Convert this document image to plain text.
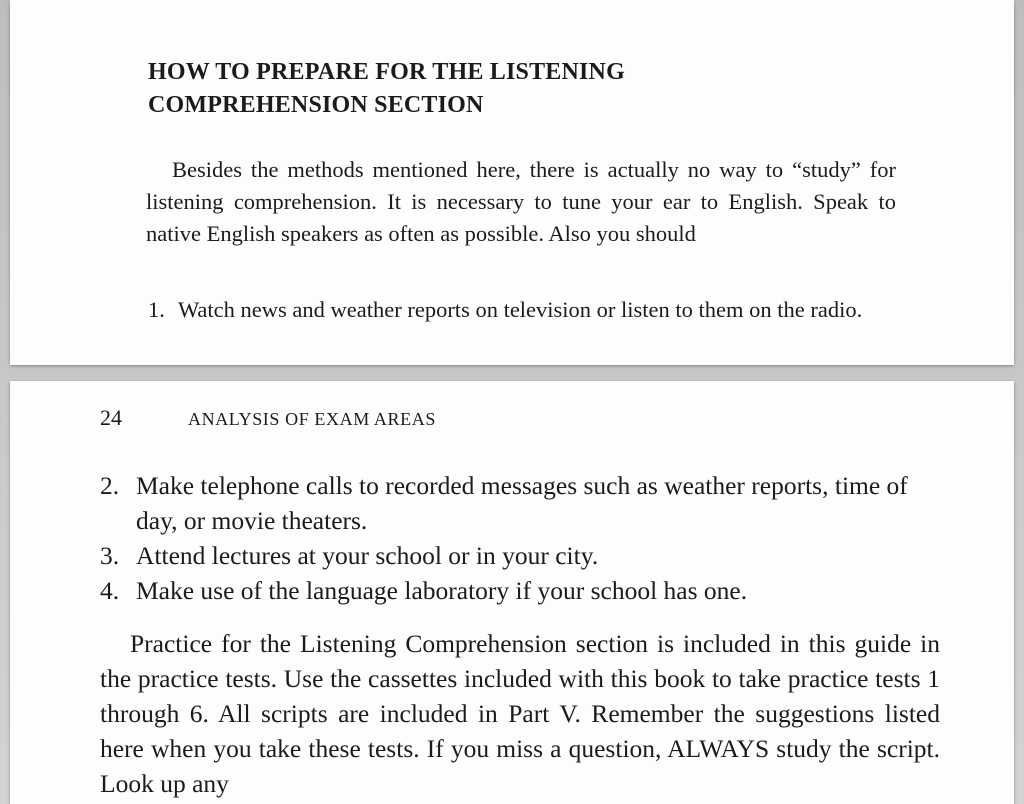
HOW TO PREPARE FOR THE LISTENING
COMPREHENSION SECTION

Besides the methods mentioned here, there is actually no way to “study” for listening comprehension. It is necessary to tune your ear to English. Speak to native English speakers as often as possible. Also you should

1. Watch news and weather reports on television or listen to them on the radio.
24	ANALYSIS OF EXAM AREAS
2. Make telephone calls to recorded messages such as weather reports, time of day, or movie theaters.
3. Attend lectures at your school or in your city.
4. Make use of the language laboratory if your school has one.

Practice for the Listening Comprehension section is included in this guide in the practice tests. Use the cassettes included with this book to take practice tests 1 through 6. All scripts are included in Part V. Remember the suggestions listed here when you take these tests. If you miss a question, ALWAYS study the script. Look up any
